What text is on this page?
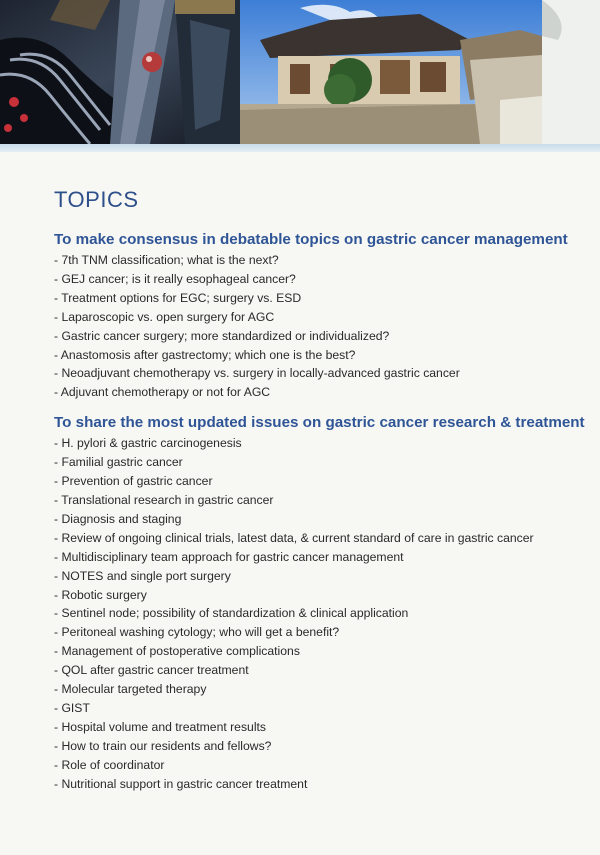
TOPICS
To make consensus in debatable topics on gastric cancer management
- 7th TNM classification; what is the next?
- GEJ cancer; is it really esophageal cancer?
- Treatment options for EGC; surgery vs. ESD
- Laparoscopic vs. open surgery for AGC
- Gastric cancer surgery; more standardized or individualized?
- Anastomosis after gastrectomy; which one is the best?
- Neoadjuvant chemotherapy vs. surgery in locally-advanced gastric cancer
- Adjuvant chemotherapy or not for AGC
To share the most updated issues on gastric cancer research & treatment
- H. pylori & gastric carcinogenesis
- Familial gastric cancer
- Prevention of gastric cancer
- Translational research in gastric cancer
- Diagnosis and staging
- Review of ongoing clinical trials, latest data, & current standard of care in gastric cancer
- Multidisciplinary team approach for gastric cancer management
- NOTES and single port surgery
- Robotic surgery
- Sentinel node; possibility of standardization & clinical application
- Peritoneal washing cytology; who will get a benefit?
- Management of postoperative complications
- QOL after gastric cancer treatment
- Molecular targeted therapy
- GIST
- Hospital volume and treatment results
- How to train our residents and fellows?
- Role of coordinator
- Nutritional support in gastric cancer treatment
